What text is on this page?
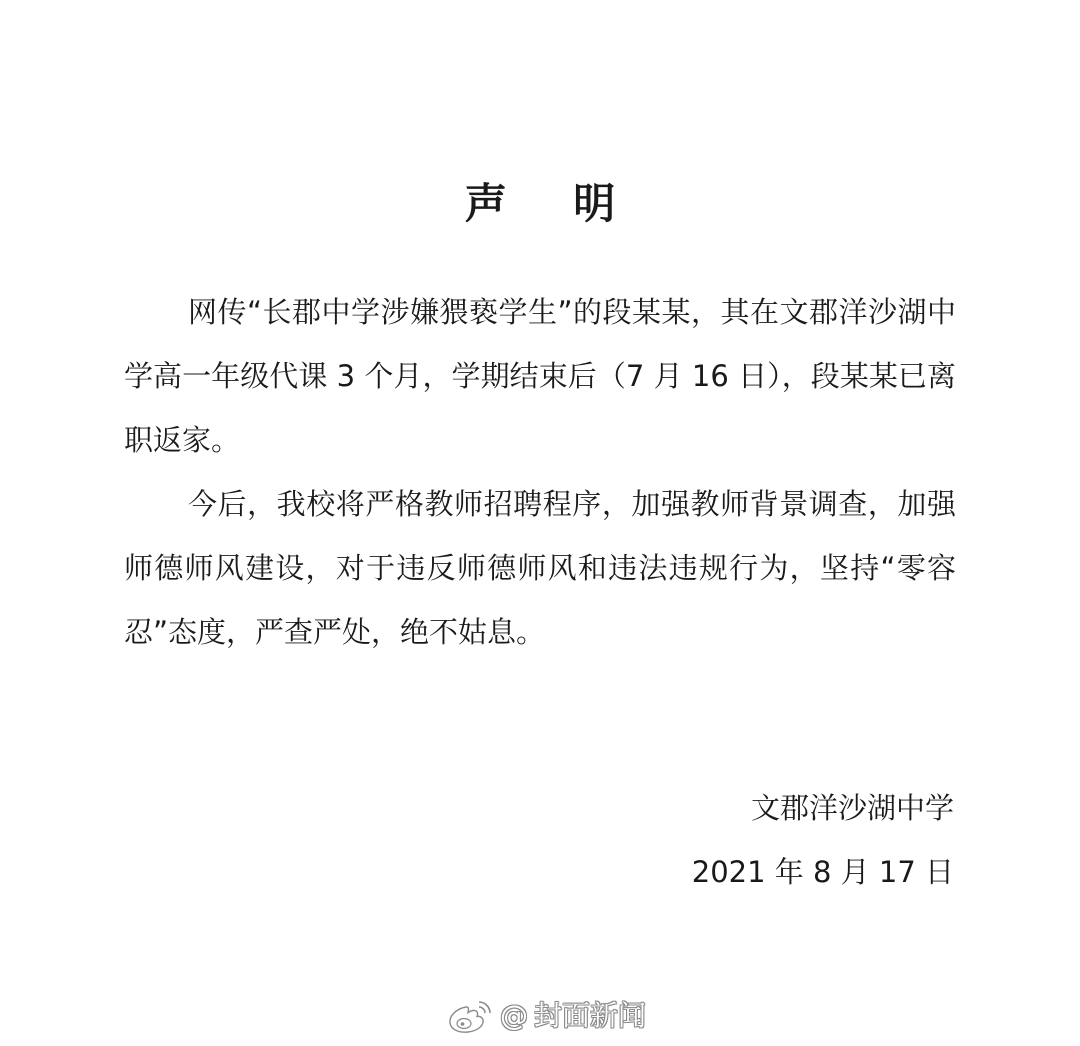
声 明

网传“长郡中学涉嫌猥亵学生”的段某某，其在文郡洋沙湖中学高一年级代课 3 个月，学期结束后（7 月 16 日），段某某已离职返家。

今后，我校将严格教师招聘程序，加强教师背景调查，加强师德师风建设，对于违反师德师风和违法违规行为，坚持“零容忍”态度，严查严处，绝不姑息。

文郡洋沙湖中学
2021 年 8 月 17 日
@ 封面新闻
